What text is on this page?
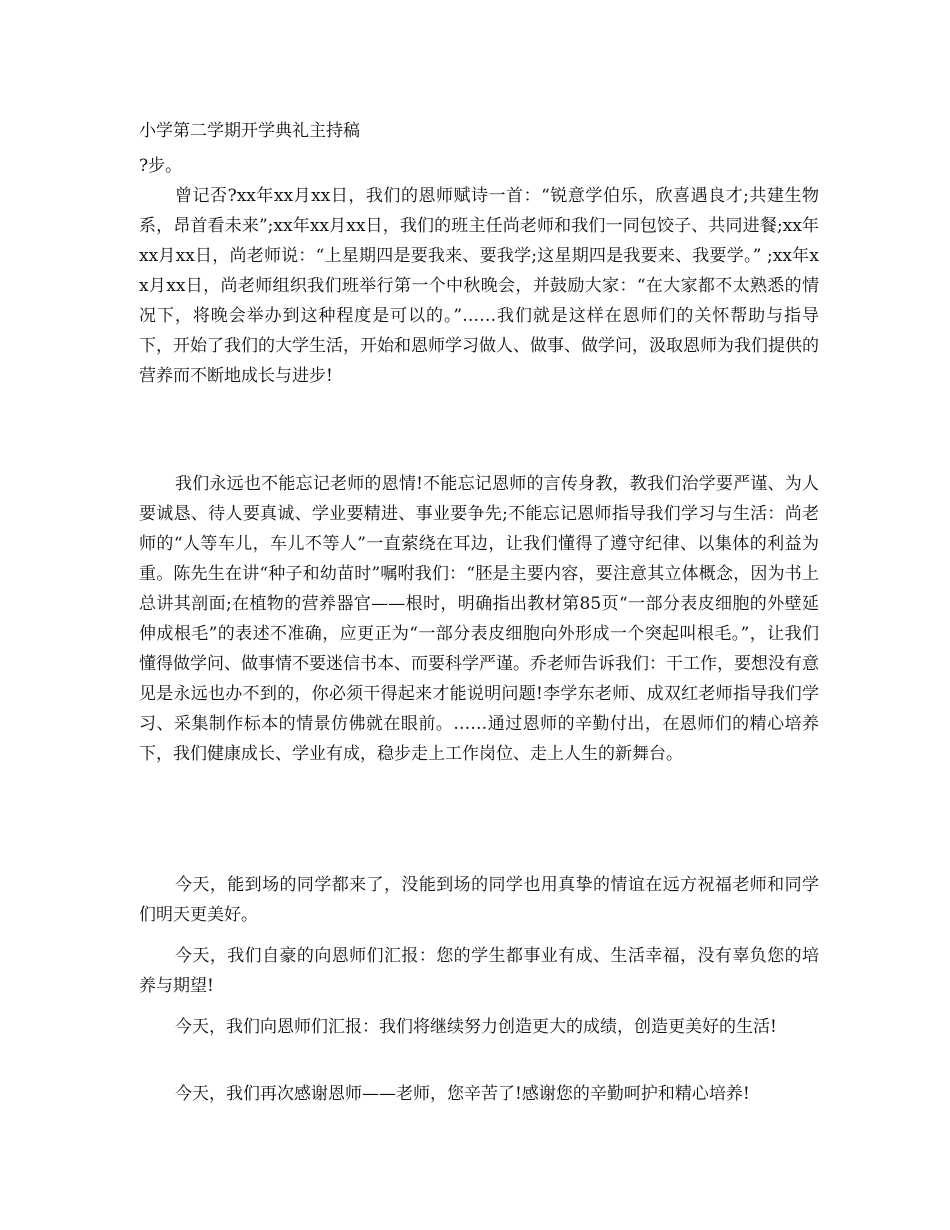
小学第二学期开学典礼主持稿

?步。

曾记否?xx年xx月xx日，我们的恩师赋诗一首：“锐意学伯乐，欣喜遇良才;共建生物系，昂首看未来”;xx年xx月xx日，我们的班主任尚老师和我们一同包饺子、共同进餐;xx年xx月xx日，尚老师说：“上星期四是要我来、要我学;这星期四是我要来、我要学。” ;xx年xx月xx日，尚老师组织我们班举行第一个中秋晚会，并鼓励大家：“在大家都不太熟悉的情况下，将晚会举办到这种程度是可以的。”……我们就是这样在恩师们的关怀帮助与指导下，开始了我们的大学生活，开始和恩师学习做人、做事、做学问，汲取恩师为我们提供的营养而不断地成长与进步!

我们永远也不能忘记老师的恩情!不能忘记恩师的言传身教，教我们治学要严谨、为人要诚恳、待人要真诚、学业要精进、事业要争先;不能忘记恩师指导我们学习与生活：尚老师的“人等车儿，车儿不等人”一直萦绕在耳边，让我们懂得了遵守纪律、以集体的利益为重。陈先生在讲“种子和幼苗时”嘱咐我们：“胚是主要内容，要注意其立体概念，因为书上总讲其剖面;在植物的营养器官——根时，明确指出教材第85页“一部分表皮细胞的外壁延伸成根毛”的表述不准确，应更正为“一部分表皮细胞向外形成一个突起叫根毛。”，让我们懂得做学问、做事情不要迷信书本、而要科学严谨。乔老师告诉我们：干工作，要想没有意见是永远也办不到的，你必须干得起来才能说明问题!李学东老师、成双红老师指导我们学习、采集制作标本的情景仿佛就在眼前。……通过恩师的辛勤付出，在恩师们的精心培养下，我们健康成长、学业有成，稳步走上工作岗位、走上人生的新舞台。

今天，能到场的同学都来了，没能到场的同学也用真挚的情谊在远方祝福老师和同学们明天更美好。

今天，我们自豪的向恩师们汇报：您的学生都事业有成、生活幸福，没有辜负您的培养与期望!

今天，我们向恩师们汇报：我们将继续努力创造更大的成绩，创造更美好的生活!

今天，我们再次感谢恩师——老师，您辛苦了!感谢您的辛勤呵护和精心培养!
